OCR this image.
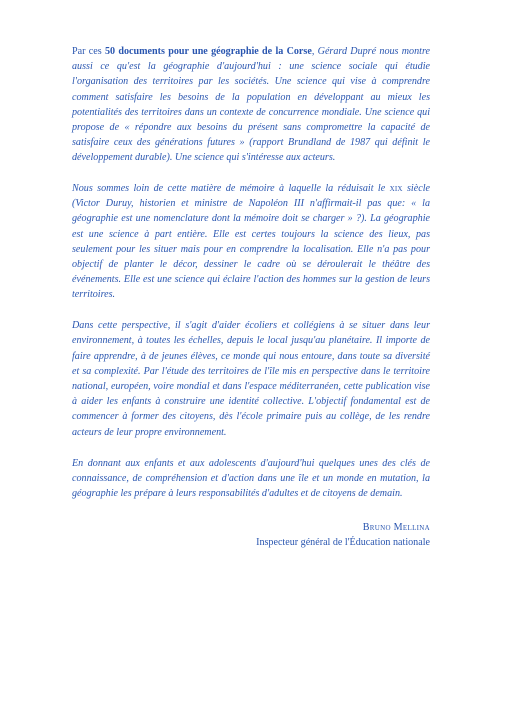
Par ces 50 documents pour une géographie de la Corse, Gérard Dupré nous montre aussi ce qu'est la géographie d'aujourd'hui : une science sociale qui étudie l'organisation des territoires par les sociétés. Une science qui vise à comprendre comment satisfaire les besoins de la population en développant au mieux les potentialités des territoires dans un contexte de concurrence mondiale. Une science qui propose de « répondre aux besoins du présent sans compromettre la capacité de satisfaire ceux des générations futures » (rapport Brundland de 1987 qui définit le développement durable). Une science qui s'intéresse aux acteurs.

Nous sommes loin de cette matière de mémoire à laquelle la réduisait le xix siècle (Victor Duruy, historien et ministre de Napoléon III n'affirmait-il pas que: « la géographie est une nomenclature dont la mémoire doit se charger » ?). La géographie est une science à part entière. Elle est certes toujours la science des lieux, pas seulement pour les situer mais pour en comprendre la localisation. Elle n'a pas pour objectif de planter le décor, dessiner le cadre où se déroulerait le théâtre des événements. Elle est une science qui éclaire l'action des hommes sur la gestion de leurs territoires.

Dans cette perspective, il s'agit d'aider écoliers et collégiens à se situer dans leur environnement, à toutes les échelles, depuis le local jusqu'au planétaire. Il importe de faire apprendre, à de jeunes élèves, ce monde qui nous entoure, dans toute sa diversité et sa complexité. Par l'étude des territoires de l'île mis en perspective dans le territoire national, européen, voire mondial et dans l'espace méditerranéen, cette publication vise à aider les enfants à construire une identité collective. L'objectif fondamental est de commencer à former des citoyens, dès l'école primaire puis au collège, de les rendre acteurs de leur propre environnement.

En donnant aux enfants et aux adolescents d'aujourd'hui quelques unes des clés de connaissance, de compréhension et d'action dans une île et un monde en mutation, la géographie les prépare à leurs responsabilités d'adultes et de citoyens de demain.

Bruno Mellina
Inspecteur général de l'Éducation nationale
